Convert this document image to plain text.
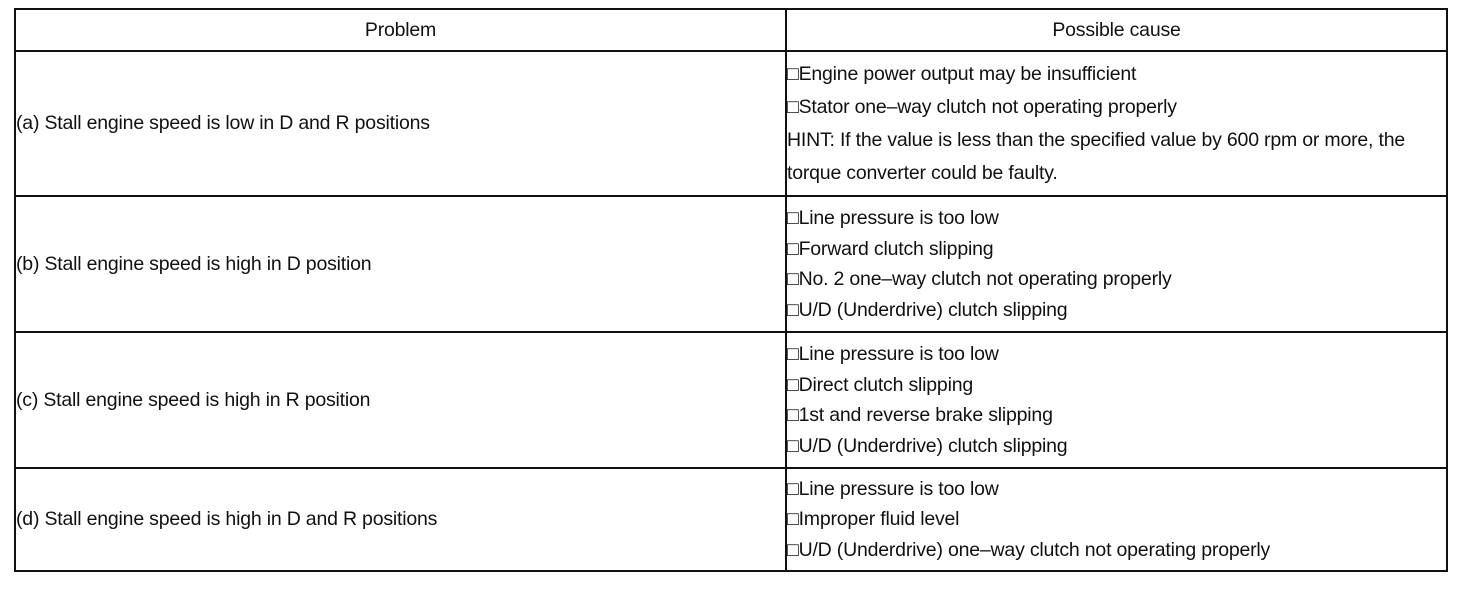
Problem	Possible cause
(a) Stall engine speed is low in D and R positions	□Engine power output may be insufficient
□Stator one–way clutch not operating properly
HINT: If the value is less than the specified value by 600 rpm or more, the torque converter could be faulty.

(b) Stall engine speed is high in D position	□Line pressure is too low
□Forward clutch slipping
□No. 2 one–way clutch not operating properly
□U/D (Underdrive) clutch slipping

(c) Stall engine speed is high in R position	□Line pressure is too low
□Direct clutch slipping
□1st and reverse brake slipping
□U/D (Underdrive) clutch slipping

(d) Stall engine speed is high in D and R positions	□Line pressure is too low
□Improper fluid level
□U/D (Underdrive) one–way clutch not operating properly
